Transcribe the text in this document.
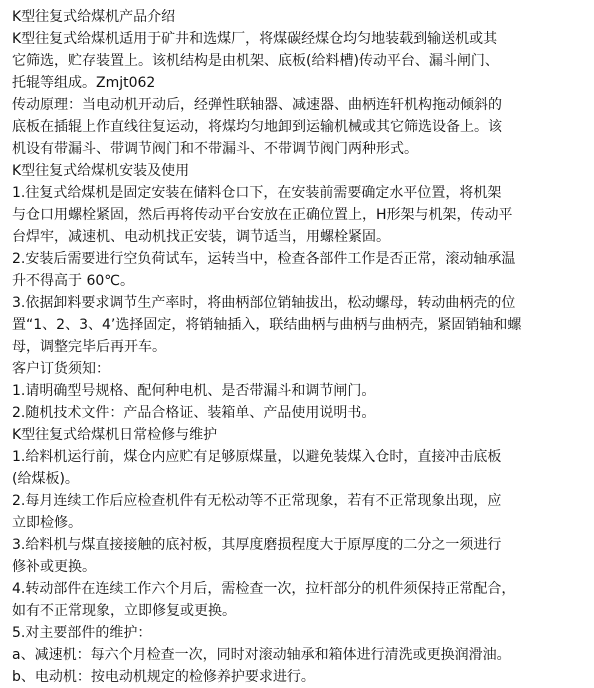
K型往复式给煤机产品介绍
K型往复式给煤机适用于矿井和选煤厂，将煤碳经煤仓均匀地装载到输送机或其
它筛选，贮存装置上。该机结构是由机架、底板(给料槽)传动平台、漏斗闸门、
托辊等组成。Zmjt062
传动原理：当电动机开动后，经弹性联轴器、减速器、曲柄连轩机构拖动倾斜的
底板在插辊上作直线往复运动，将煤均匀地卸到运输机械或其它筛选设备上。该
机设有带漏斗、带调节阀门和不带漏斗、不带调节阀门两种形式。
K型往复式给煤机安装及使用
1.往复式给煤机是固定安装在储料仓口下，在安装前需要确定水平位置，将机架
与仓口用螺栓紧固，然后再将传动平台安放在正确位置上，H形架与机架，传动平
台焊牢，减速机、电动机找正安装，调节适当，用螺栓紧固。
2.安装后需要进行空负荷试车，运转当中，检查各部件工作是否正常，滚动轴承温
升不得高于 60℃。
3.依据卸料要求调节生产率时，将曲柄部位销轴拔出，松动螺母，转动曲柄壳的位
置“1、2、3、4’选择固定，将销轴插入，联结曲柄与曲柄与曲柄壳，紧固销轴和螺
母，调整完毕后再开车。
客户订货须知：
1.请明确型号规格、配何种电机、是否带漏斗和调节闸门。
2.随机技术文件：产品合格证、装箱单、产品使用说明书。
K型往复式给煤机日常检修与维护
1.给料机运行前，煤仓内应贮有足够原煤量，以避免装煤入仓时，直接冲击底板
(给煤板)。
2.每月连续工作后应检查机件有无松动等不正常现象，若有不正常现象出现，应
立即检修。
3.给料机与煤直接接触的底衬板，其厚度磨损程度大于原厚度的二分之一须进行
修补或更换。
4.转动部件在连续工作六个月后，需检查一次，拉杆部分的机件须保持正常配合，
如有不正常现象，立即修复或更换。
5.对主要部件的维护：
a、减速机：每六个月检查一次，同时对滚动轴承和箱体进行清洗或更换润滑油。
b、电动机：按电动机规定的检修养护要求进行。
